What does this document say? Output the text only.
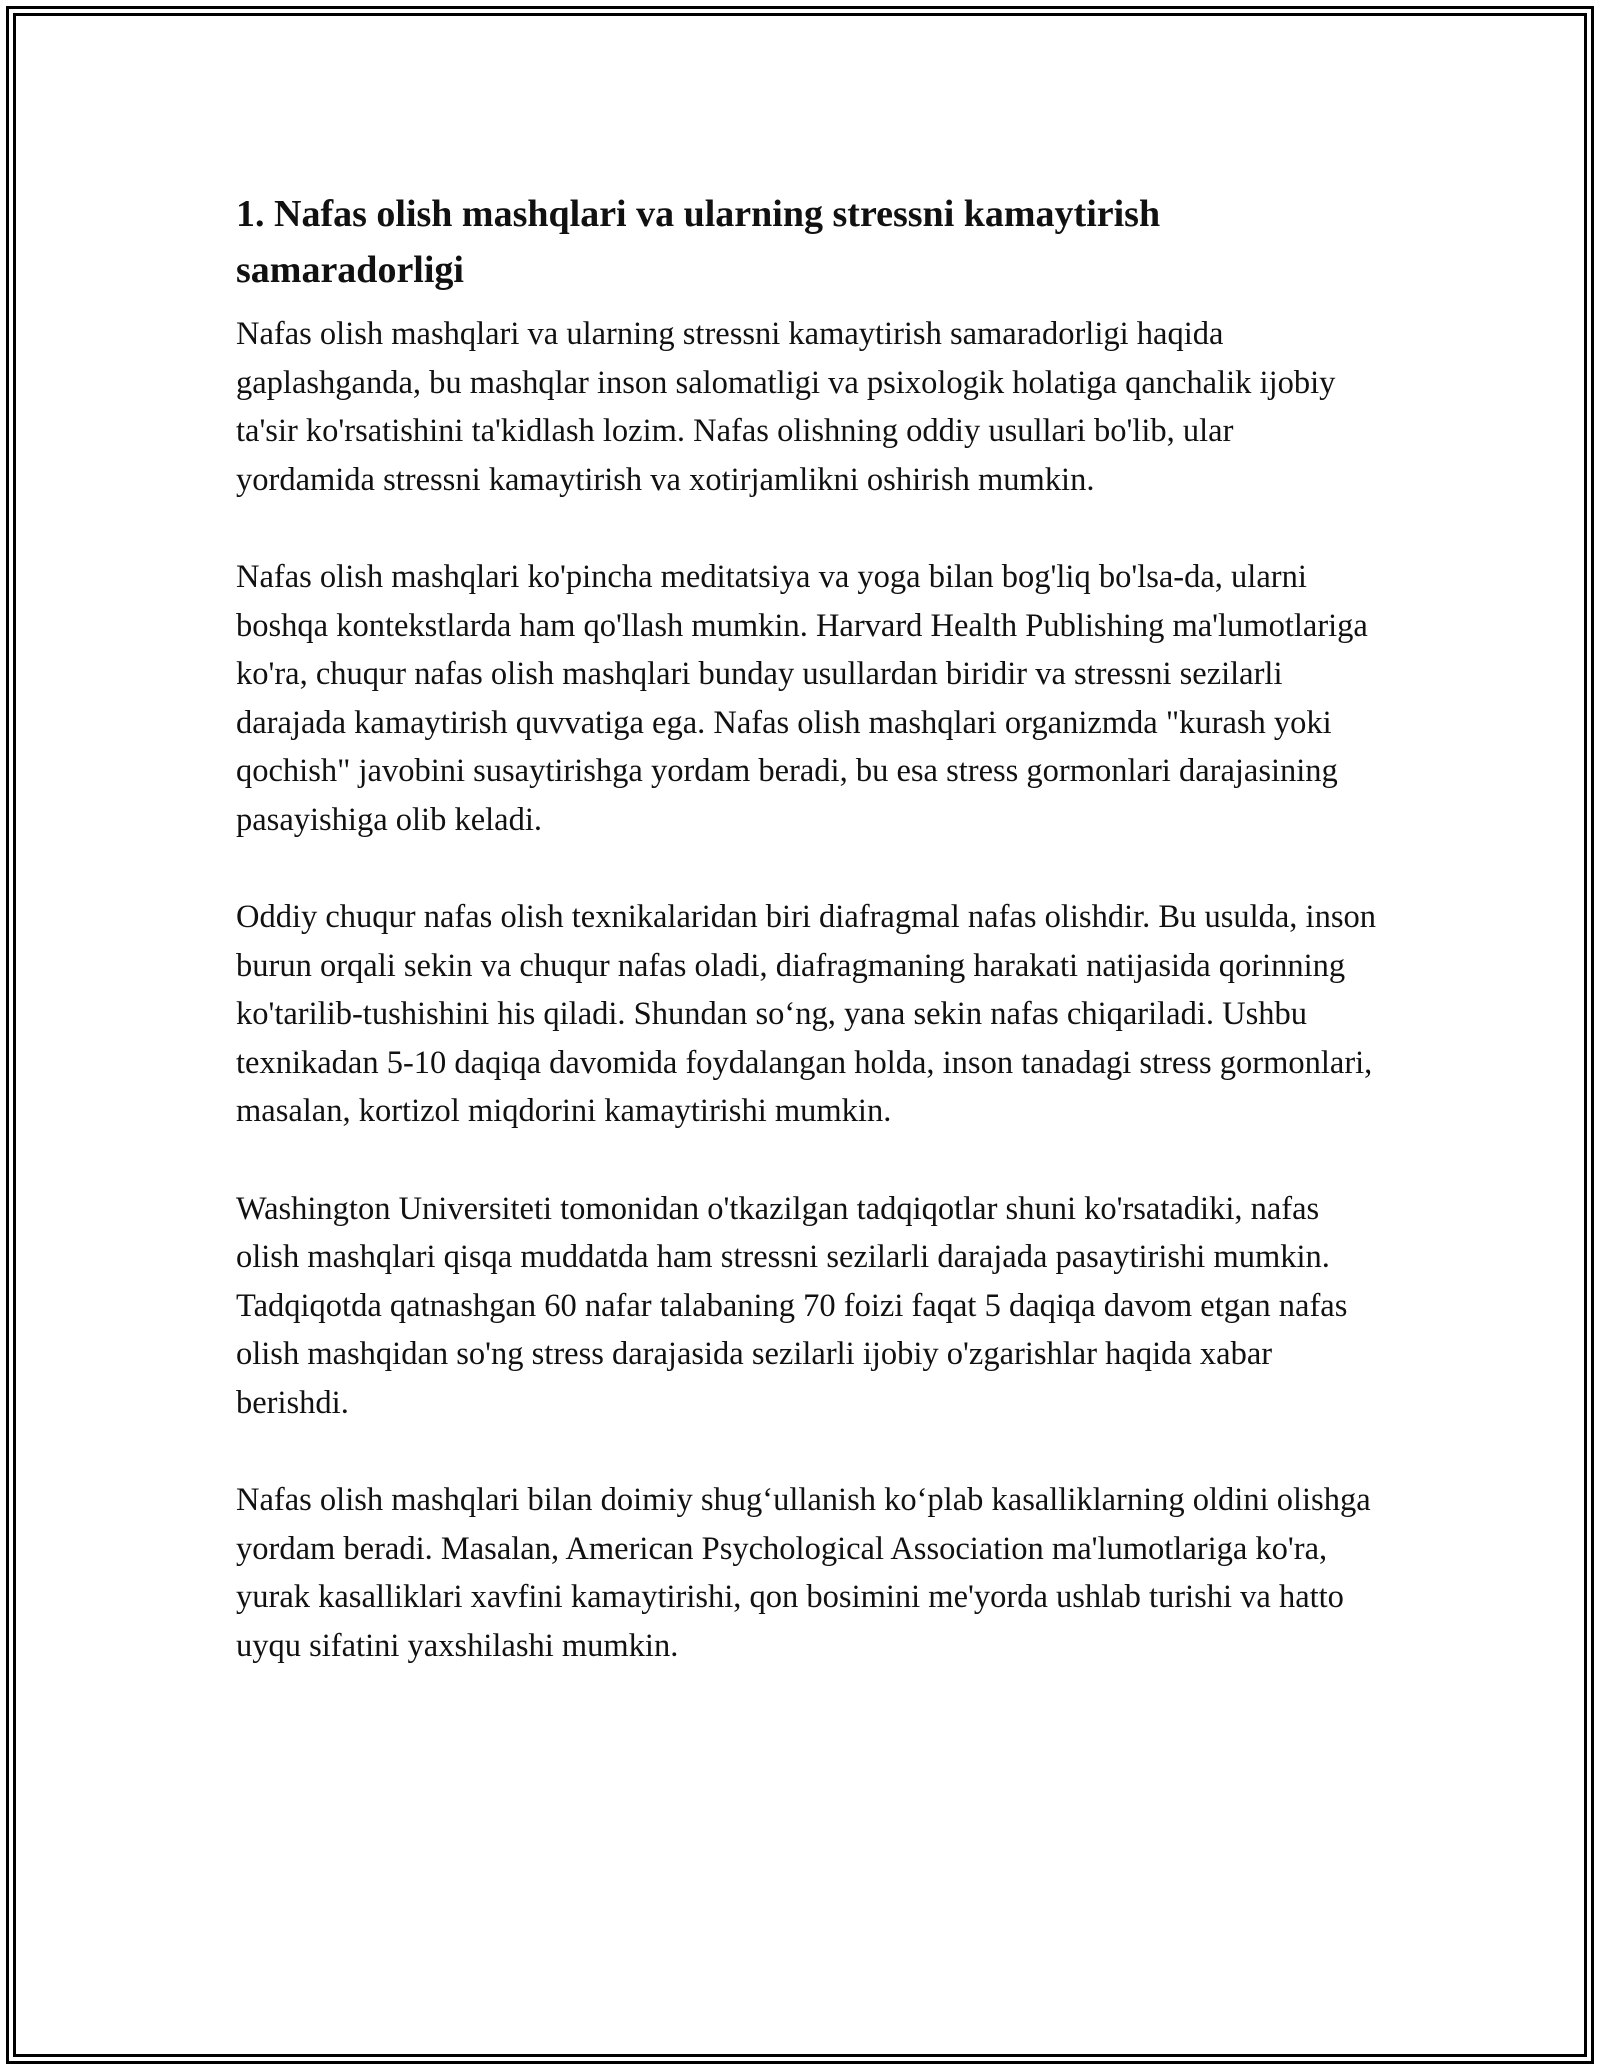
1. Nafas olish mashqlari va ularning stressni kamaytirish samaradorligi

Nafas olish mashqlari va ularning stressni kamaytirish samaradorligi haqida gaplashganda, bu mashqlar inson salomatligi va psixologik holatiga qanchalik ijobiy ta'sir ko'rsatishini ta'kidlash lozim. Nafas olishning oddiy usullari bo'lib, ular yordamida stressni kamaytirish va xotirjamlikni oshirish mumkin.

Nafas olish mashqlari ko'pincha meditatsiya va yoga bilan bog'liq bo'lsa-da, ularni boshqa kontekstlarda ham qo'llash mumkin. Harvard Health Publishing ma'lumotlariga ko'ra, chuqur nafas olish mashqlari bunday usullardan biridir va stressni sezilarli darajada kamaytirish quvvatiga ega. Nafas olish mashqlari organizmda "kurash yoki qochish" javobini susaytirishga yordam beradi, bu esa stress gormonlari darajasining pasayishiga olib keladi.

Oddiy chuqur nafas olish texnikalaridan biri diafragmal nafas olishdir. Bu usulda, inson burun orqali sekin va chuqur nafas oladi, diafragmaning harakati natijasida qorinning ko'tarilib-tushishini his qiladi. Shundan so‘ng, yana sekin nafas chiqariladi. Ushbu texnikadan 5-10 daqiqa davomida foydalangan holda, inson tanadagi stress gormonlari, masalan, kortizol miqdorini kamaytirishi mumkin.

Washington Universiteti tomonidan o'tkazilgan tadqiqotlar shuni ko'rsatadiki, nafas olish mashqlari qisqa muddatda ham stressni sezilarli darajada pasaytirishi mumkin. Tadqiqotda qatnashgan 60 nafar talabaning 70 foizi faqat 5 daqiqa davom etgan nafas olish mashqidan so'ng stress darajasida sezilarli ijobiy o'zgarishlar haqida xabar berishdi.

Nafas olish mashqlari bilan doimiy shug‘ullanish ko‘plab kasalliklarning oldini olishga yordam beradi. Masalan, American Psychological Association ma'lumotlariga ko'ra, yurak kasalliklari xavfini kamaytirishi, qon bosimini me'yorda ushlab turishi va hatto uyqu sifatini yaxshilashi mumkin.
